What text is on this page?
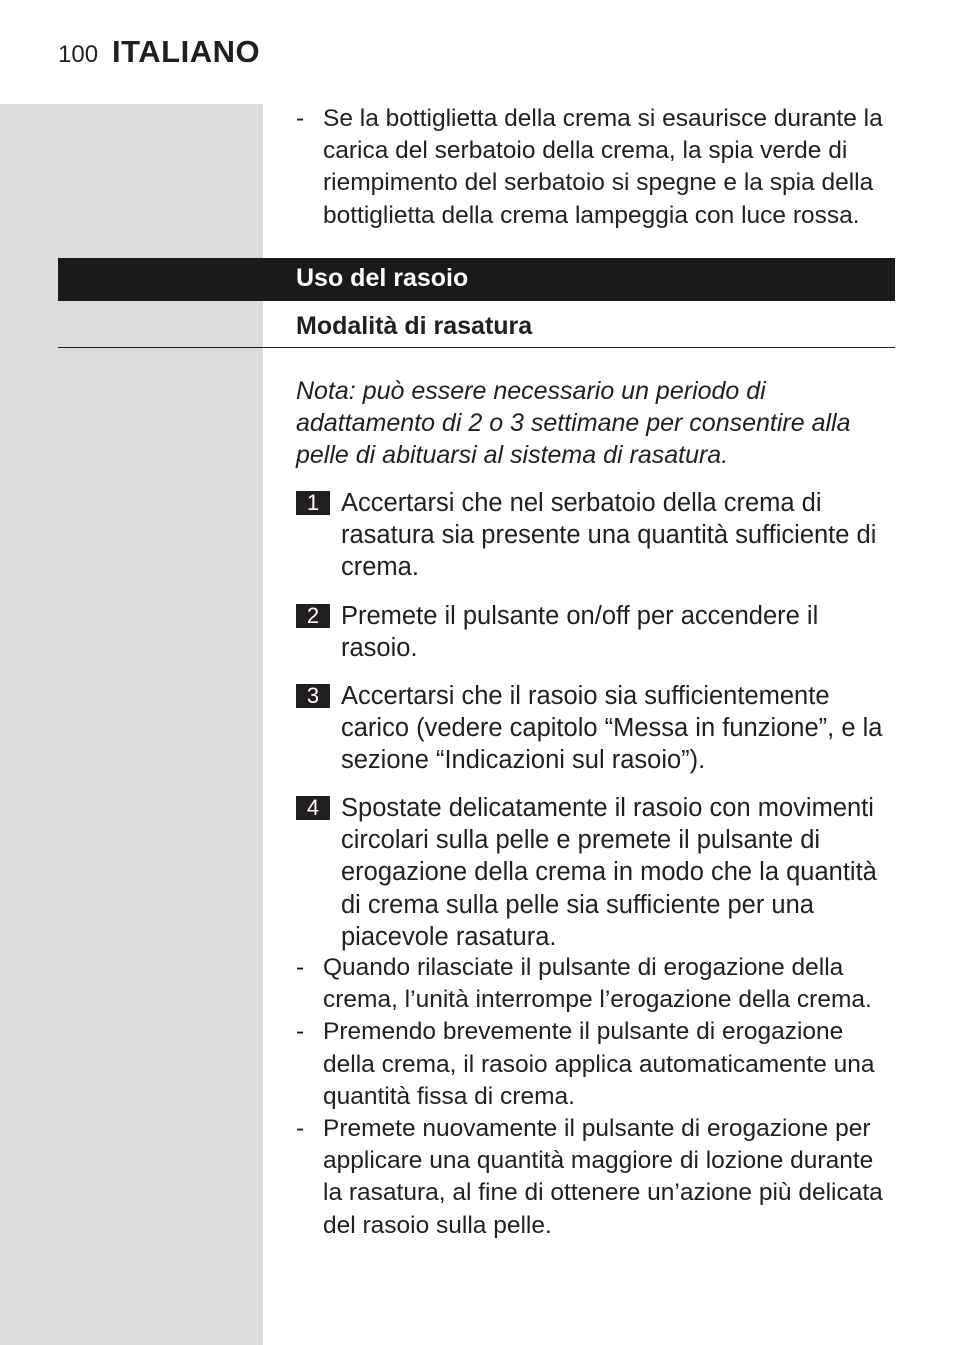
100 ITALIANO
- Se la bottiglietta della crema si esaurisce durante la carica del serbatoio della crema, la spia verde di riempimento del serbatoio si spegne e la spia della bottiglietta della crema lampeggia con luce rossa.
Uso del rasoio
Modalità di rasatura
Nota: può essere necessario un periodo di adattamento di 2 o 3 settimane per consentire alla pelle di abituarsi al sistema di rasatura.
1 Accertarsi che nel serbatoio della crema di rasatura sia presente una quantità sufficiente di crema.
2 Premete il pulsante on/off per accendere il rasoio.
3 Accertarsi che il rasoio sia sufficientemente carico (vedere capitolo “Messa in funzione”, e la sezione “Indicazioni sul rasoio”).
4 Spostate delicatamente il rasoio con movimenti circolari sulla pelle e premete il pulsante di erogazione della crema in modo che la quantità di crema sulla pelle sia sufficiente per una piacevole rasatura.
- Quando rilasciate il pulsante di erogazione della crema, l’unità interrompe l’erogazione della crema.
- Premendo brevemente il pulsante di erogazione della crema, il rasoio applica automaticamente una quantità fissa di crema.
- Premete nuovamente il pulsante di erogazione per applicare una quantità maggiore di lozione durante la rasatura, al fine di ottenere un’azione più delicata del rasoio sulla pelle.
